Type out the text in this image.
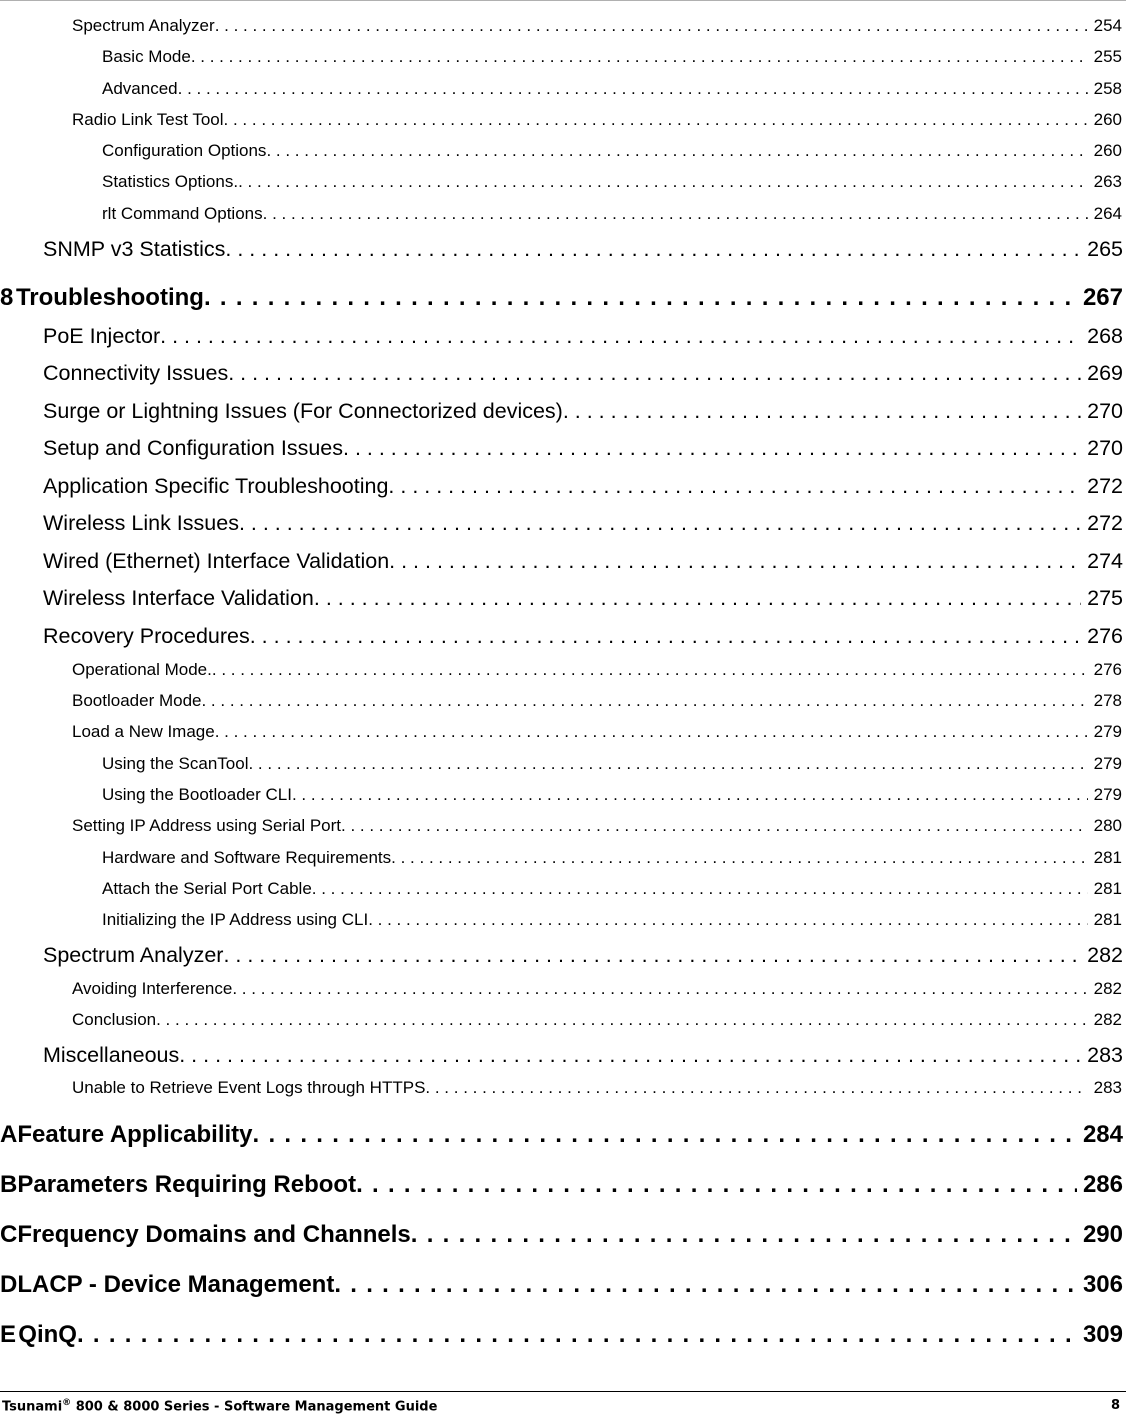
Spectrum Analyzer . . .	254
Basic Mode . . .	255
Advanced . . .	258
Radio Link Test Tool . . .	260
Configuration Options . . .	260
Statistics Options. . . .	263
rlt Command Options . . .	264
SNMP v3 Statistics . . .	265
8 Troubleshooting . . .	267
PoE Injector . . .	268
Connectivity Issues . . .	269
Surge or Lightning Issues (For Connectorized devices) . . .	270
Setup and Configuration Issues . . .	270
Application Specific Troubleshooting . . .	272
Wireless Link Issues . . .	272
Wired (Ethernet) Interface Validation . . .	274
Wireless Interface Validation . . .	275
Recovery Procedures . . .	276
Operational Mode. . . .	276
Bootloader Mode . . .	278
Load a New Image . . .	279
Using the ScanTool . . .	279
Using the Bootloader CLI . . .	279
Setting IP Address using Serial Port . . .	280
Hardware and Software Requirements . . .	281
Attach the Serial Port Cable . . .	281
Initializing the IP Address using CLI . . .	281
Spectrum Analyzer . . .	282
Avoiding Interference . . .	282
Conclusion . . .	282
Miscellaneous . . .	283
Unable to Retrieve Event Logs through HTTPS . . .	283
A Feature Applicability . . .	284
B Parameters Requiring Reboot . . .	286
C Frequency Domains and Channels . . .	290
D LACP - Device Management . . .	306
E QinQ . . .	309
Tsunami® 800 & 8000 Series - Software Management Guide	8
